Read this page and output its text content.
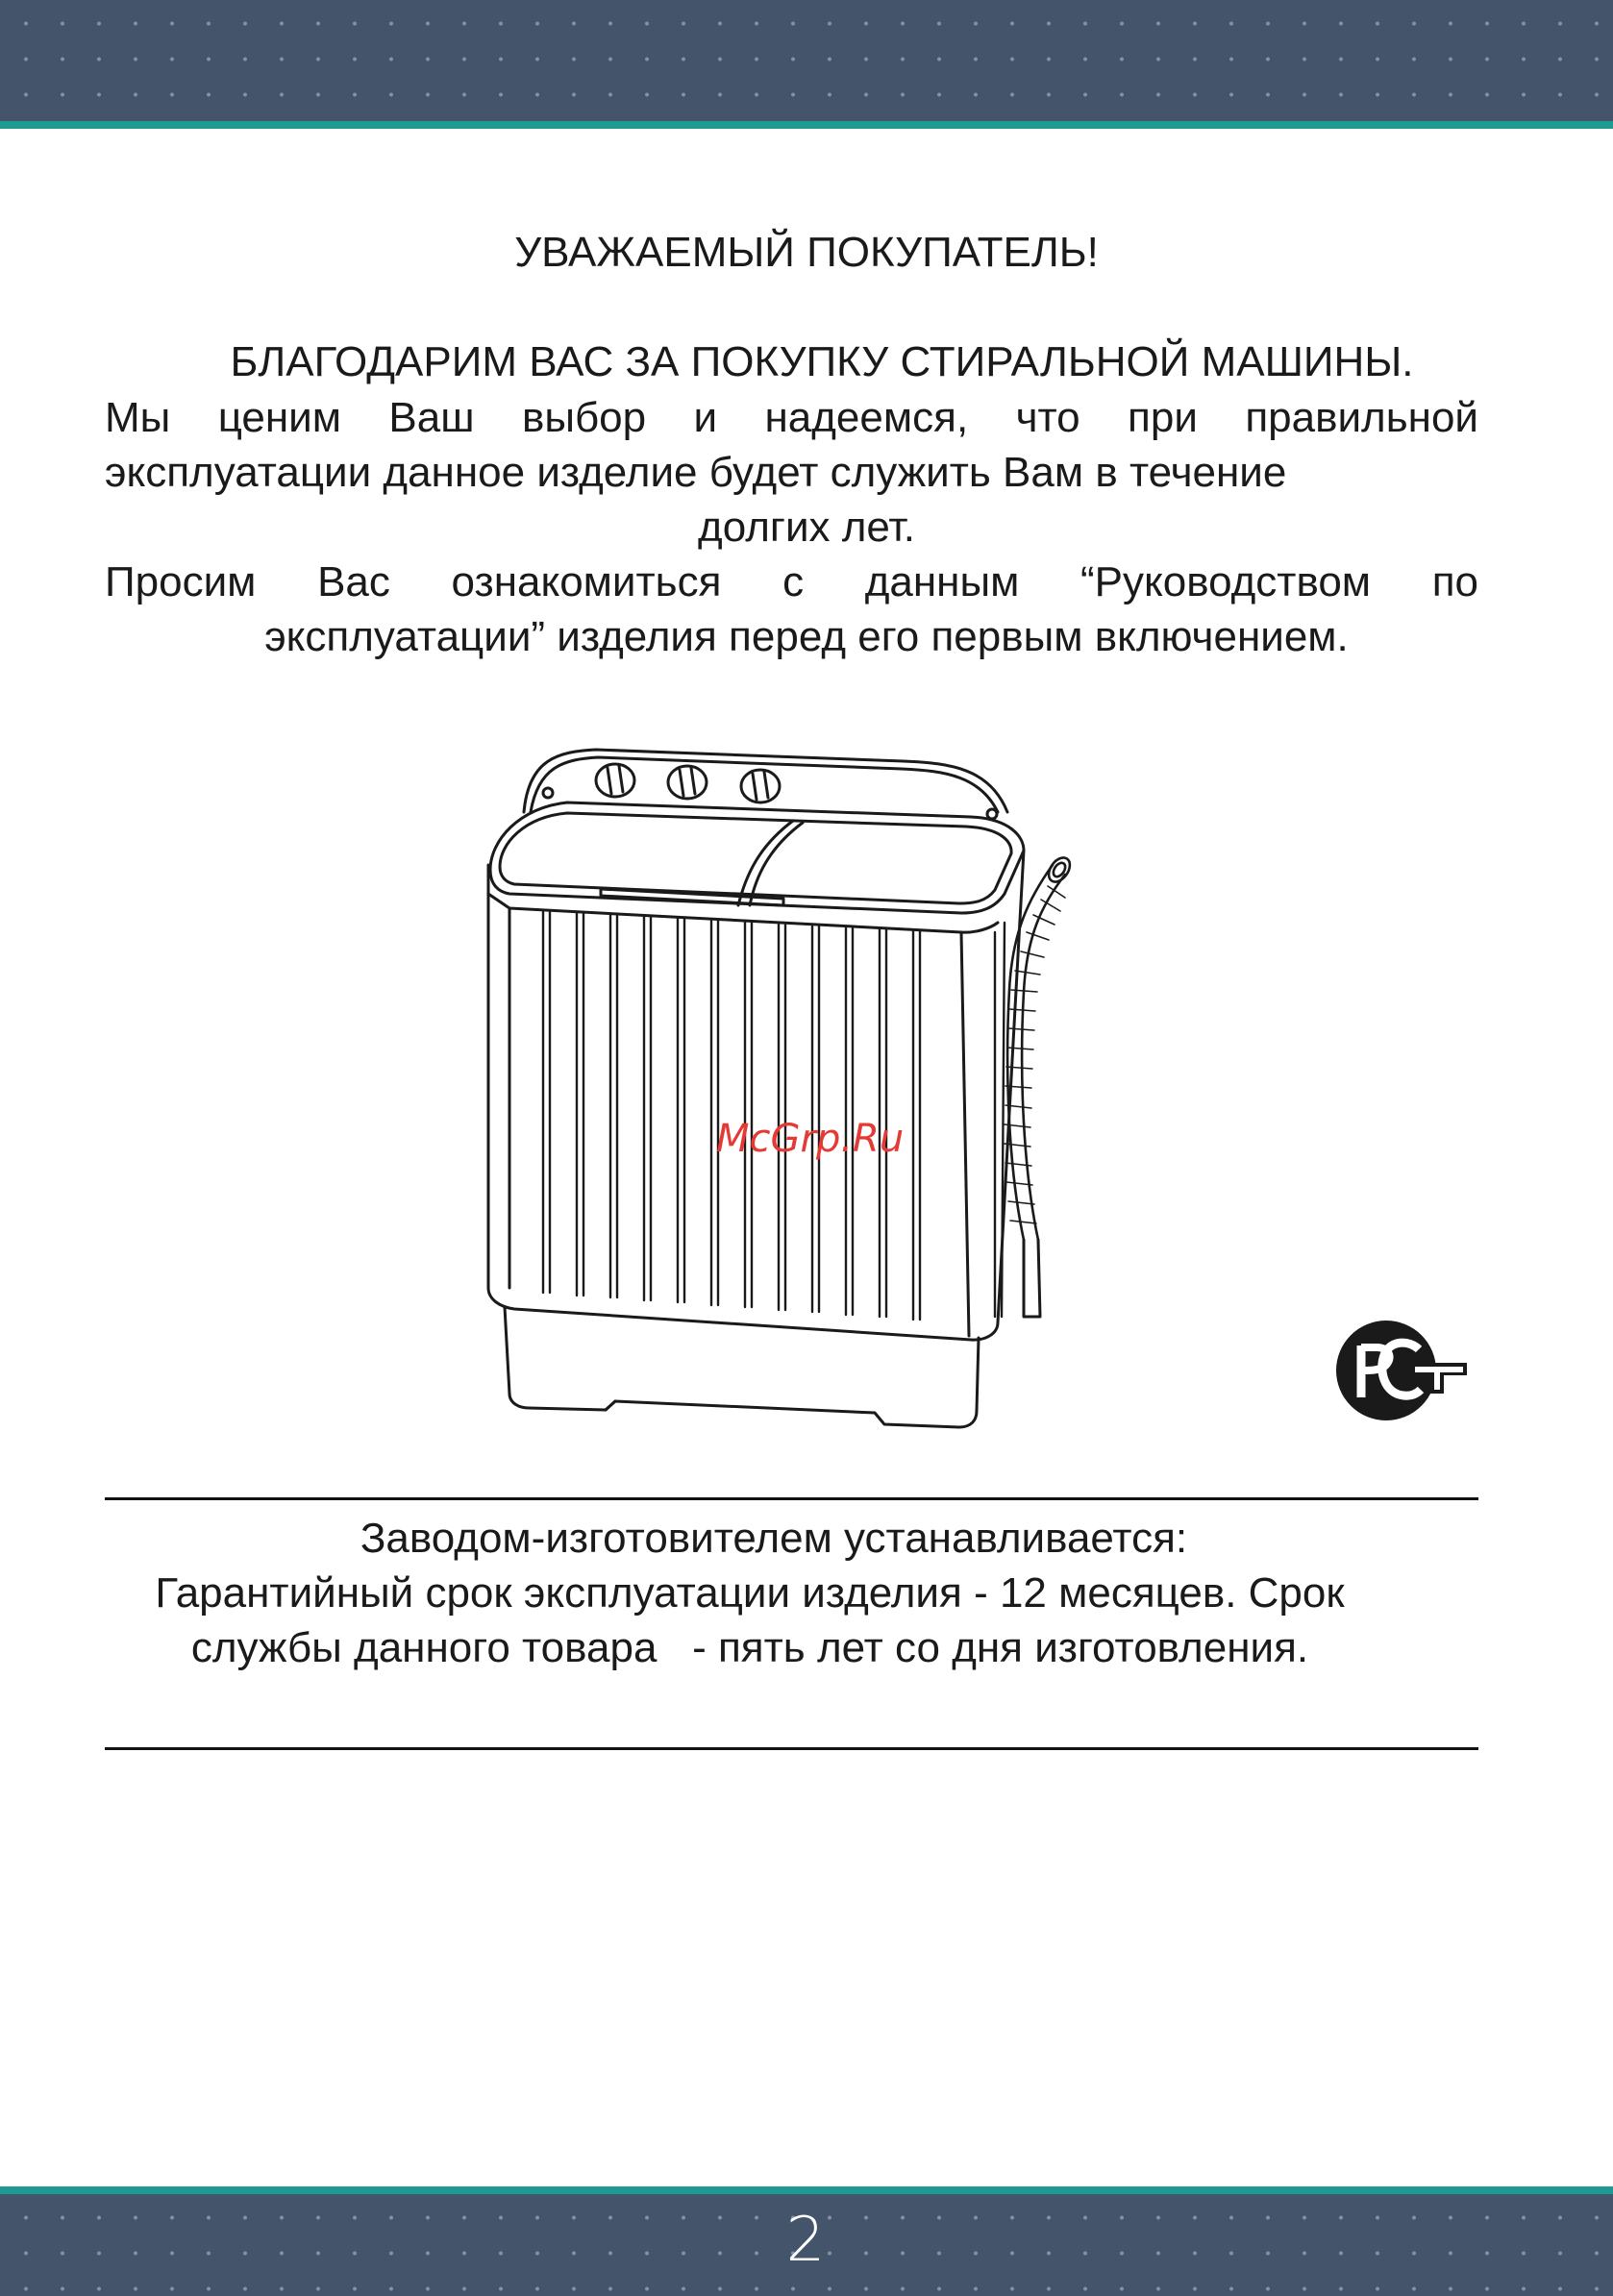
УВАЖАЕМЫЙ ПОКУПАТЕЛЬ!
БЛАГОДАРИМ ВАС ЗА ПОКУПКУ СТИРАЛЬНОЙ МАШИНЫ.
Мы ценим Ваш выбор и надеемся, что при правильной
эксплуатации данное изделие будет служить Вам в течение
долгих лет.
Просим Вас ознакомиться с данным “Руководством по
эксплуатации” изделия перед его первым включением.
McGrp.Ru
Заводом-изготовителем устанавливается:
Гарантийный срок эксплуатации изделия - 12 месяцев. Срок
службы данного товара   - пять лет со дня изготовления.
2
